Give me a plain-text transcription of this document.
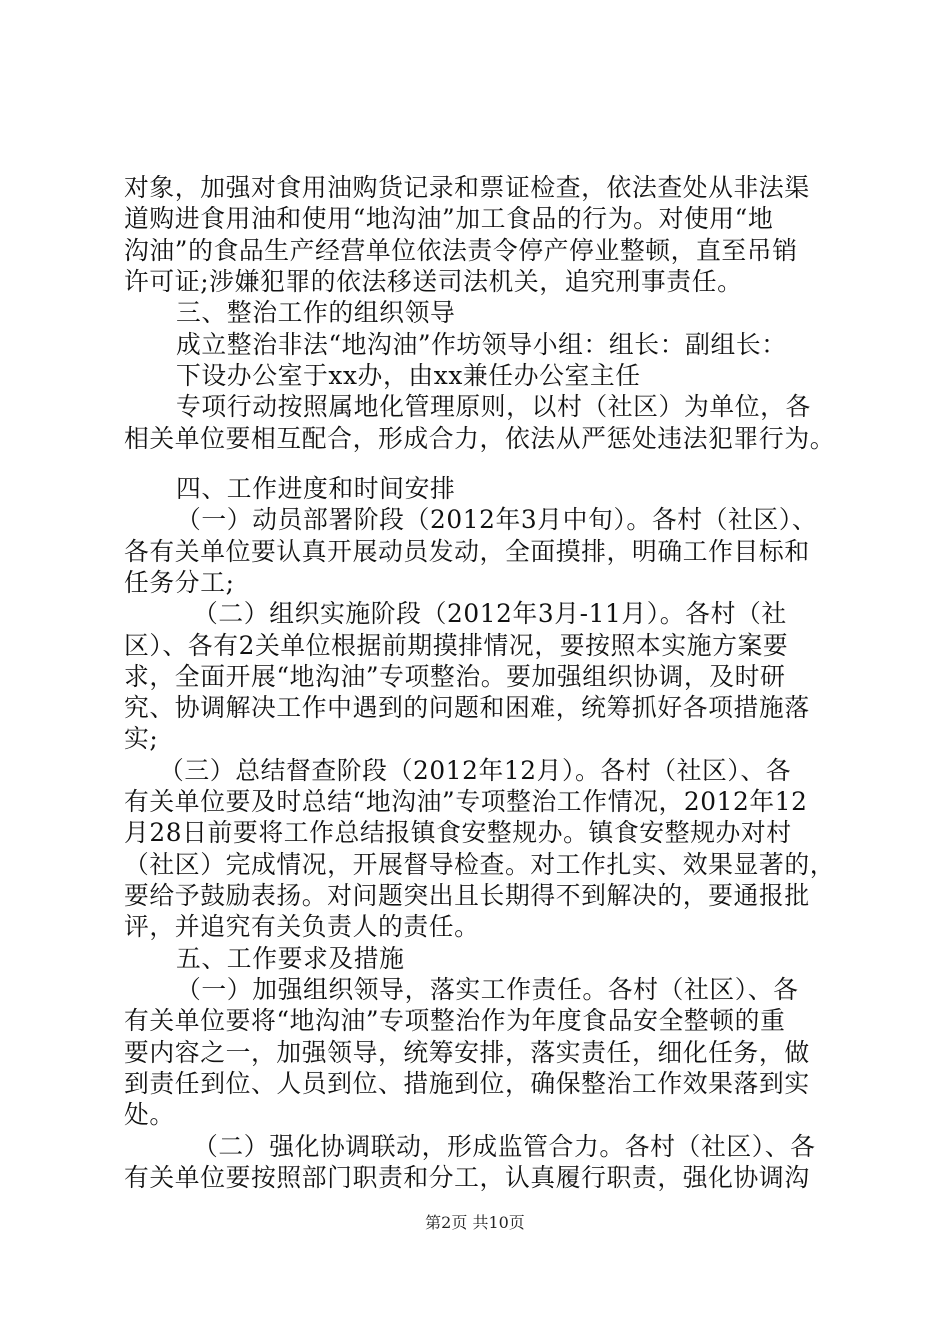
对象，加强对食用油购货记录和票证检查，依法查处从非法渠
道购进食用油和使用“地沟油”加工食品的行为。对使用“地
沟油”的食品生产经营单位依法责令停产停业整顿，直至吊销
许可证;涉嫌犯罪的依法移送司法机关，追究刑事责任。
三、整治工作的组织领导
成立整治非法“地沟油”作坊领导小组：组长：副组长：
下设办公室于xx办，由xx兼任办公室主任
专项行动按照属地化管理原则，以村（社区）为单位，各
相关单位要相互配合，形成合力，依法从严惩处违法犯罪行为。
四、工作进度和时间安排
（一）动员部署阶段（2012年3月中旬）。各村（社区）、
各有关单位要认真开展动员发动，全面摸排，明确工作目标和
任务分工;
（二）组织实施阶段（2012年3月-11月）。各村（社
区）、各有2关单位根据前期摸排情况，要按照本实施方案要
求，全面开展“地沟油”专项整治。要加强组织协调，及时研
究、协调解决工作中遇到的问题和困难，统筹抓好各项措施落
实;
（三）总结督查阶段（2012年12月）。各村（社区）、各
有关单位要及时总结“地沟油”专项整治工作情况，2012年12
月28日前要将工作总结报镇食安整规办。镇食安整规办对村
（社区）完成情况，开展督导检查。对工作扎实、效果显著的，
要给予鼓励表扬。对问题突出且长期得不到解决的，要通报批
评，并追究有关负责人的责任。
五、工作要求及措施
（一）加强组织领导，落实工作责任。各村（社区）、各
有关单位要将“地沟油”专项整治作为年度食品安全整顿的重
要内容之一，加强领导，统筹安排，落实责任，细化任务，做
到责任到位、人员到位、措施到位，确保整治工作效果落到实
处。
（二）强化协调联动，形成监管合力。各村（社区）、各
有关单位要按照部门职责和分工，认真履行职责，强化协调沟
第2页 共10页
